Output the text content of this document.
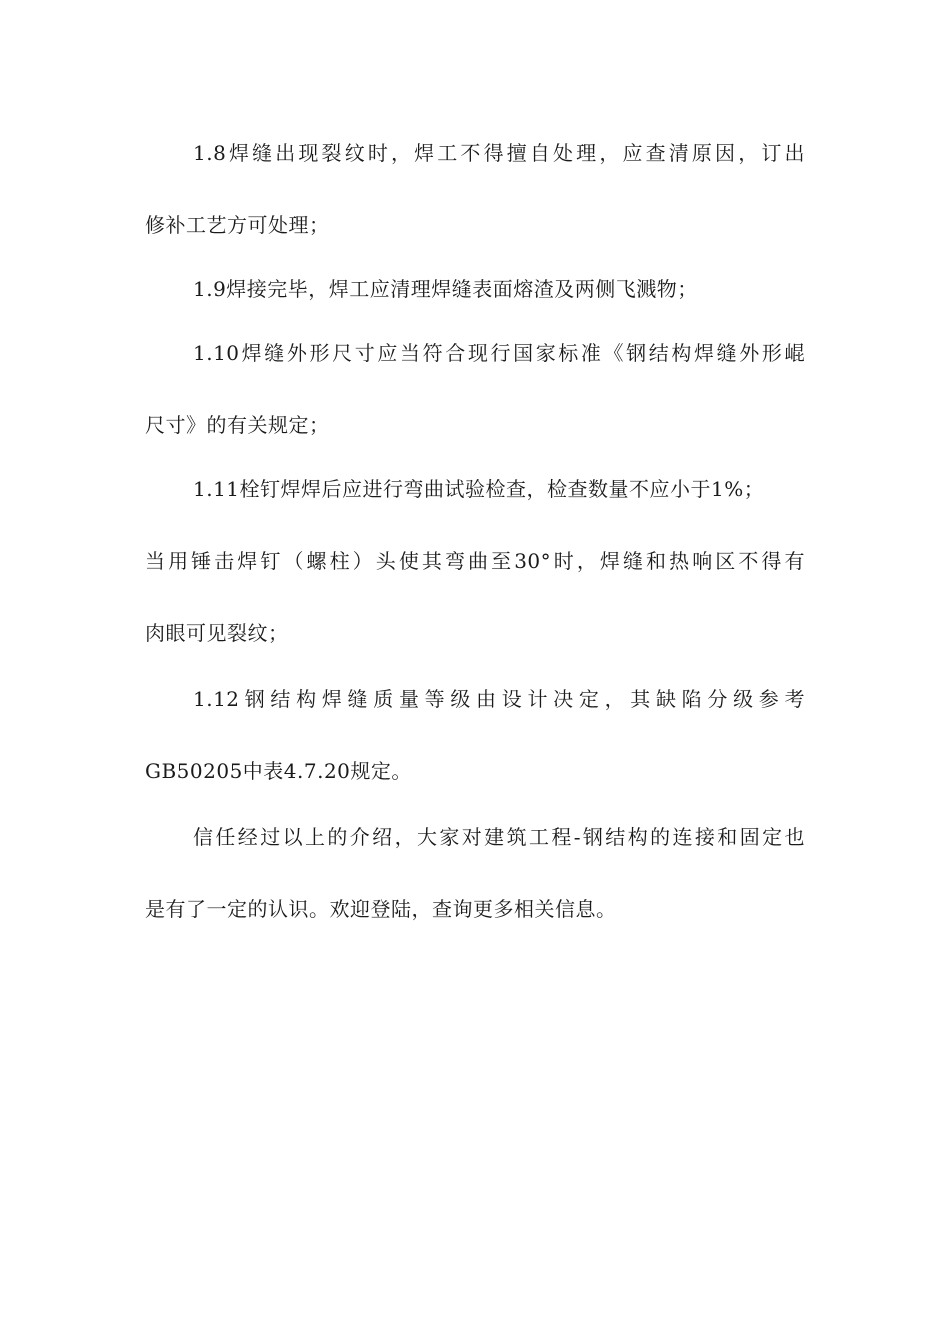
1.8焊缝出现裂纹时，焊工不得擅自处理，应查清原因，订出
修补工艺方可处理；
1.9焊接完毕，焊工应清理焊缝表面熔渣及两侧飞溅物；
1.10焊缝外形尺寸应当符合现行国家标准《钢结构焊缝外形崐
尺寸》的有关规定；
1.11栓钉焊焊后应进行弯曲试验检查，检查数量不应小于1%；
当用锤击焊钉（螺柱）头使其弯曲至30°时，焊缝和热响区不得有
肉眼可见裂纹；
1.12钢结构焊缝质量等级由设计决定，其缺陷分级参考
GB50205中表4.7.20规定。
信任经过以上的介绍，大家对建筑工程-钢结构的连接和固定也
是有了一定的认识。欢迎登陆，查询更多相关信息。
